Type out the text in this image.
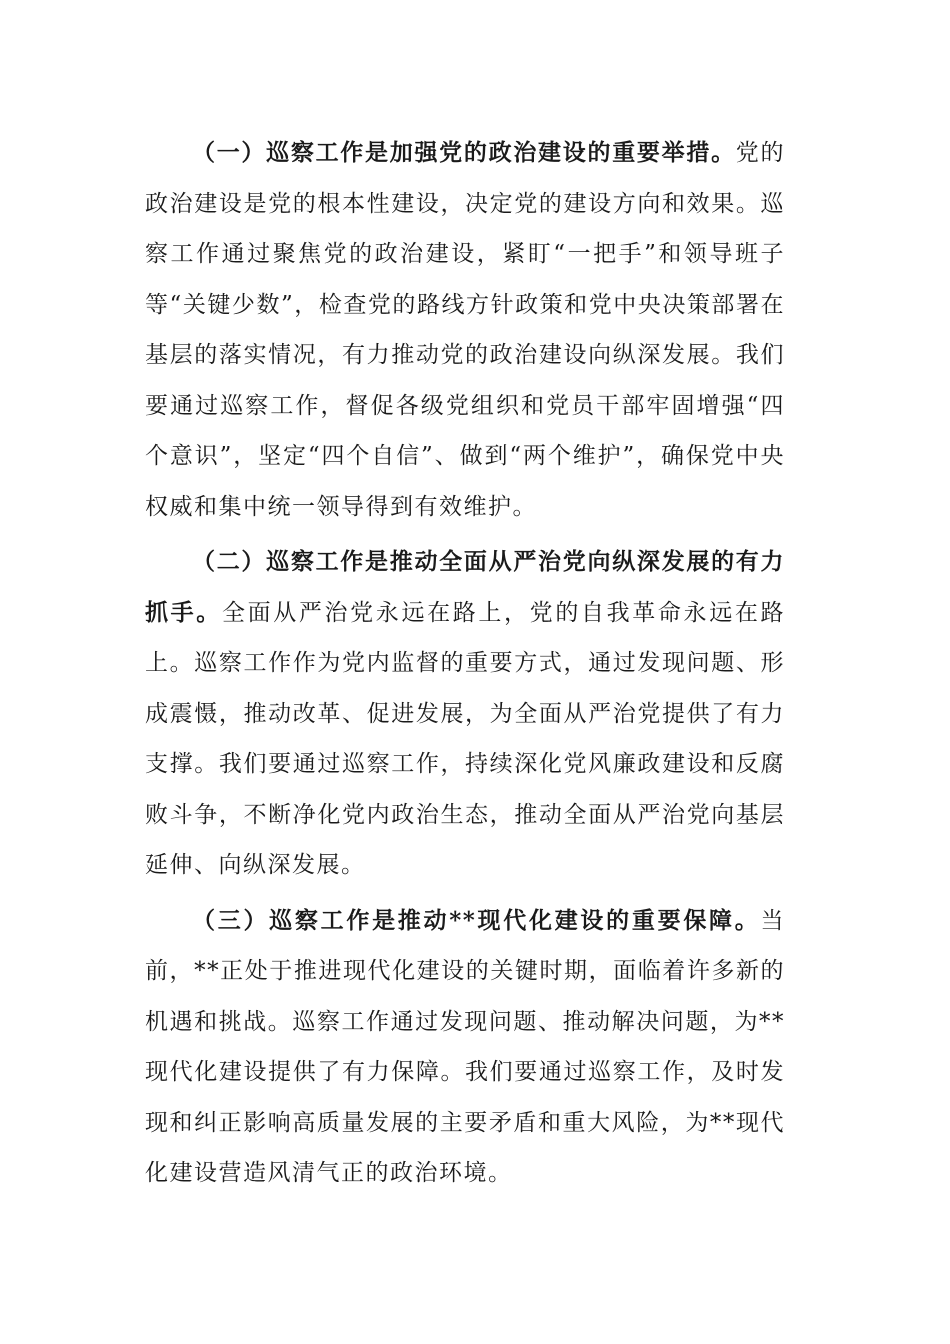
（一）巡察工作是加强党的政治建设的重要举措。党的政治建设是党的根本性建设，决定党的建设方向和效果。巡察工作通过聚焦党的政治建设，紧盯“一把手”和领导班子等“关键少数”，检查党的路线方针政策和党中央决策部署在基层的落实情况，有力推动党的政治建设向纵深发展。我们要通过巡察工作，督促各级党组织和党员干部牢固增强“四个意识”，坚定“四个自信”、做到“两个维护”，确保党中央权威和集中统一领导得到有效维护。

（二）巡察工作是推动全面从严治党向纵深发展的有力抓手。全面从严治党永远在路上，党的自我革命永远在路上。巡察工作作为党内监督的重要方式，通过发现问题、形成震慑，推动改革、促进发展，为全面从严治党提供了有力支撑。我们要通过巡察工作，持续深化党风廉政建设和反腐败斗争，不断净化党内政治生态，推动全面从严治党向基层延伸、向纵深发展。

（三）巡察工作是推动**现代化建设的重要保障。当前，**正处于推进现代化建设的关键时期，面临着许多新的机遇和挑战。巡察工作通过发现问题、推动解决问题，为**现代化建设提供了有力保障。我们要通过巡察工作，及时发现和纠正影响高质量发展的主要矛盾和重大风险，为**现代化建设营造风清气正的政治环境。
